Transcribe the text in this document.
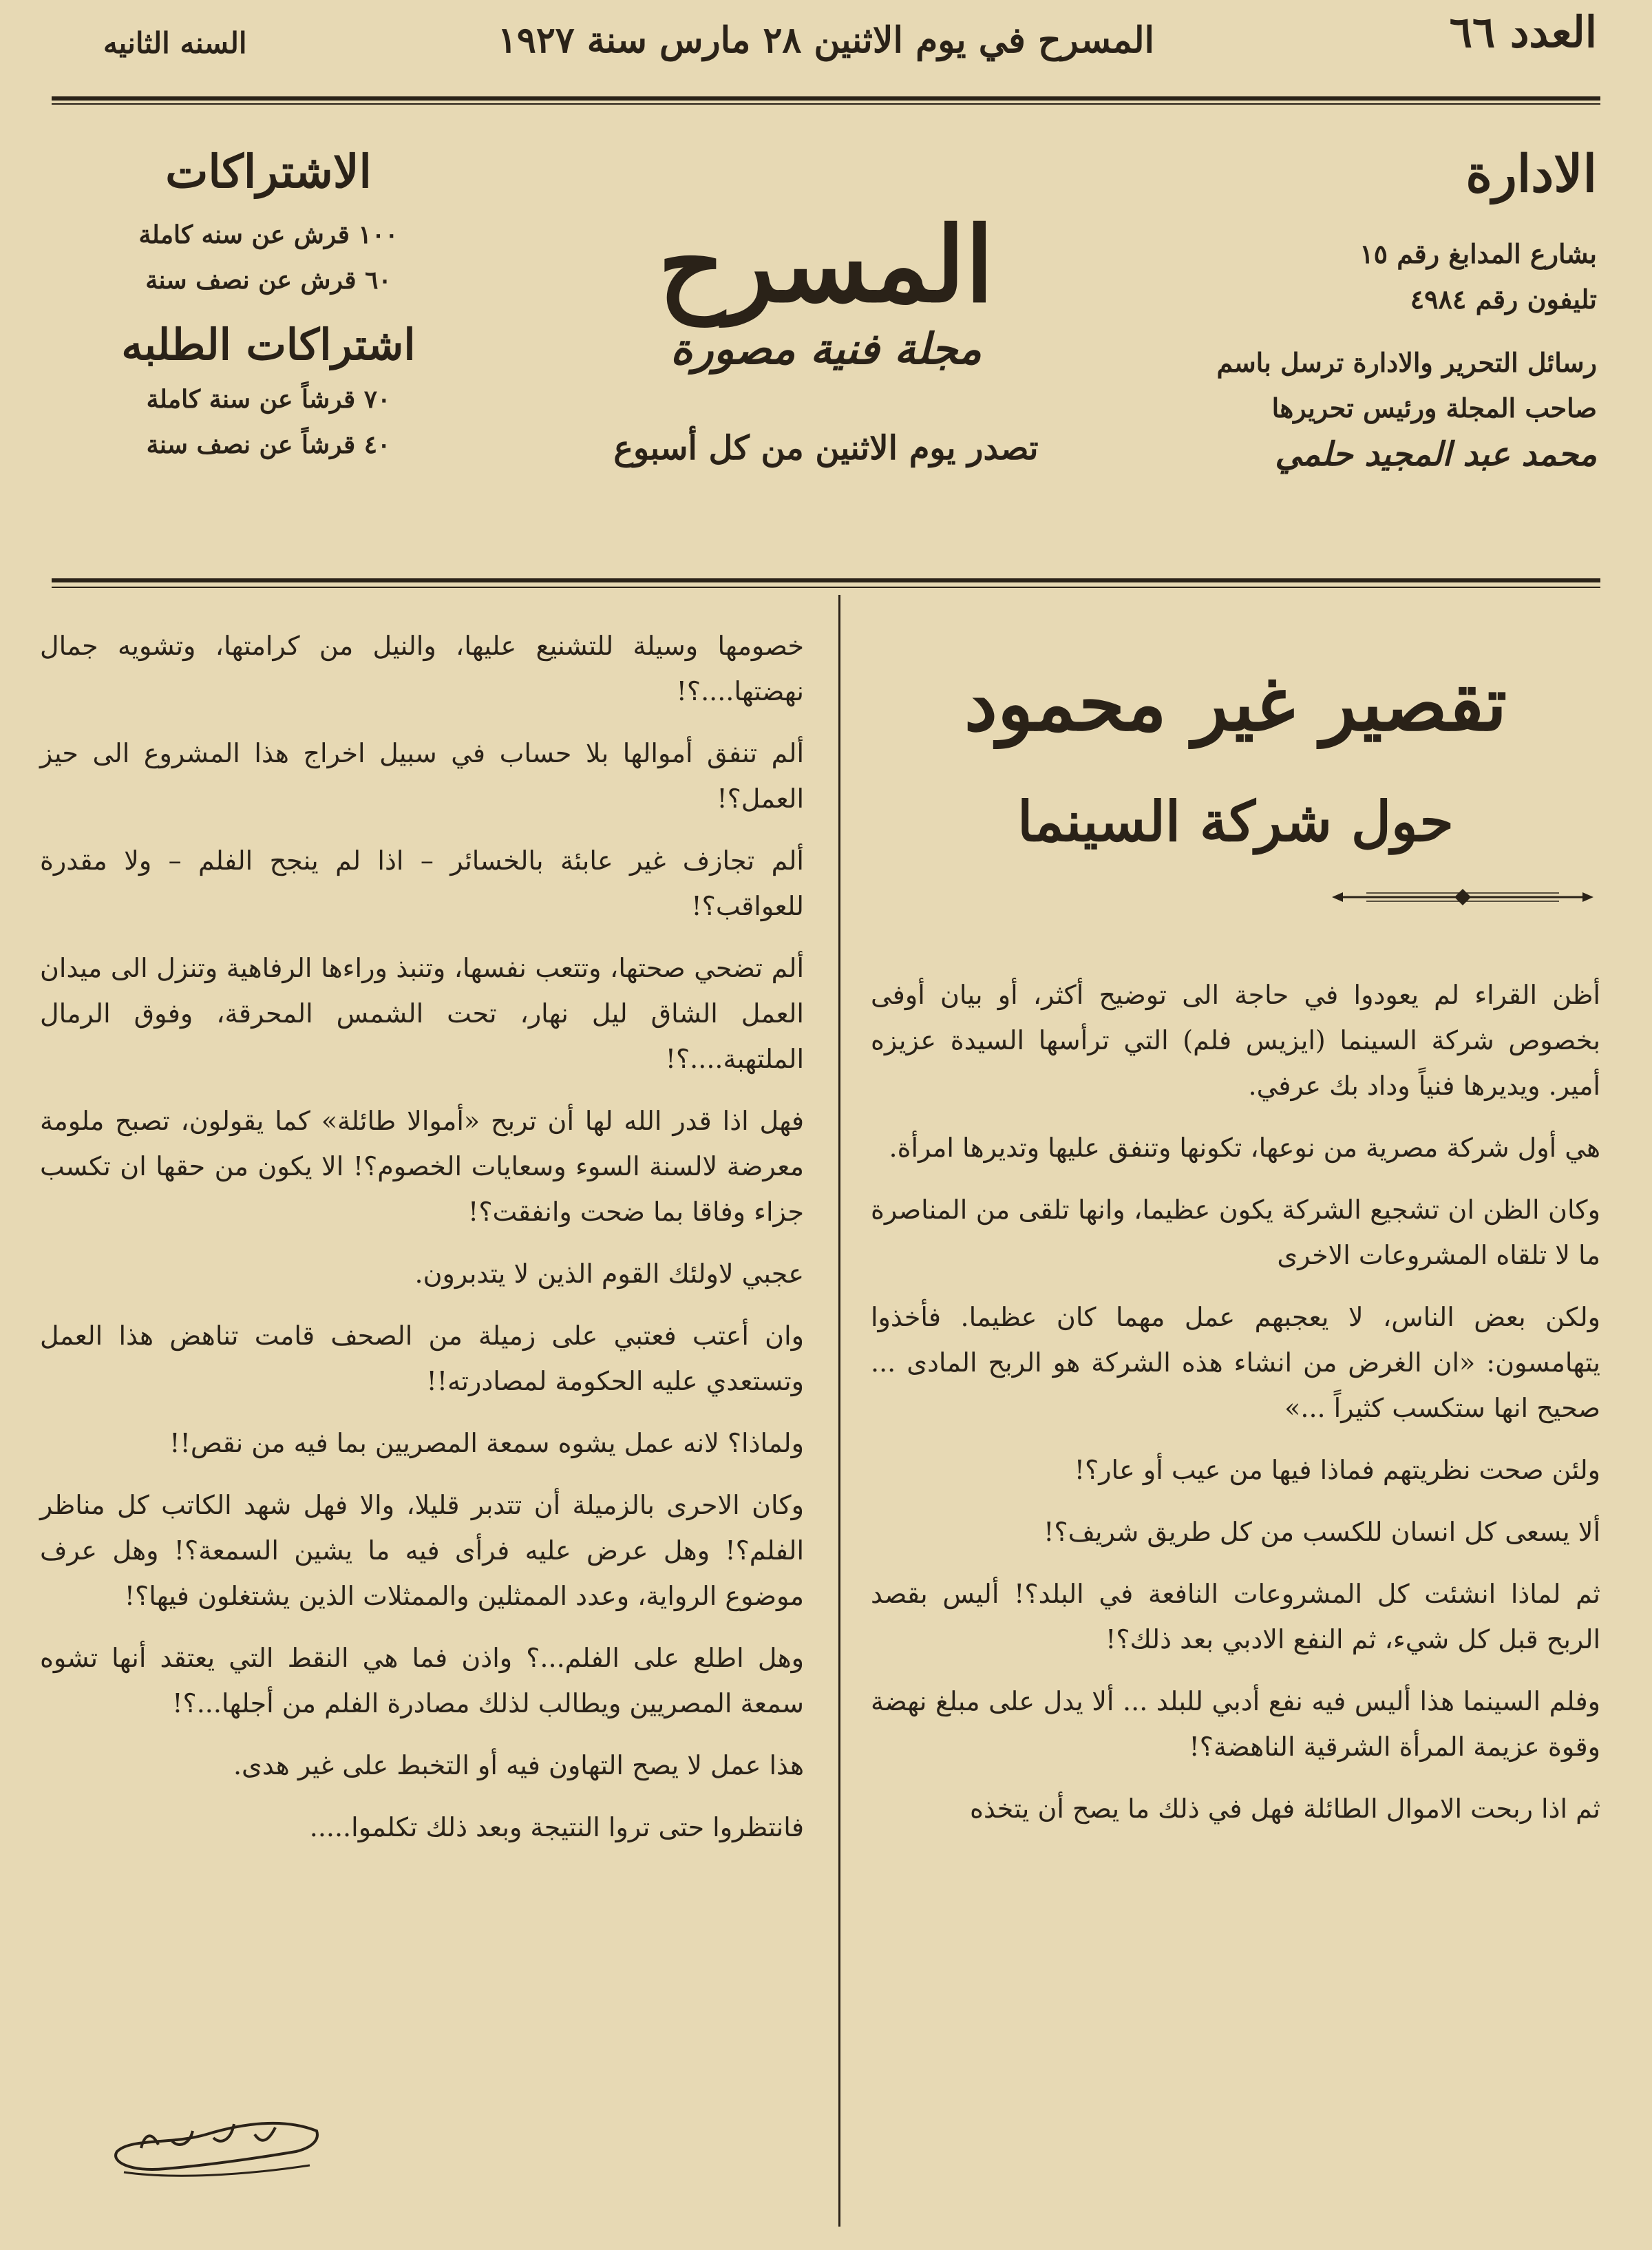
العدد ٦٦
المسرح في يوم الاثنين ٢٨ مارس سنة ١٩٢٧
السنه الثانيه
الادارة
بشارع المدابغ رقم ١٥
تليفون رقم ٤٩٨٤
رسائل التحرير والادارة ترسل باسم
صاحب المجلة ورئيس تحريرها
محمد عبد المجيد حلمي
المسرح
مجلة فنية مصورة
تصدر يوم الاثنين من كل أسبوع
الاشتراكات
١٠٠ قرش عن سنه كاملة
٦٠ قرش عن نصف سنة
اشتراكات الطلبه
٧٠ قرشاً عن سنة كاملة
٤٠ قرشاً عن نصف سنة
تقصير غير محمود
حول شركة السينما

أظن القراء لم يعودوا في حاجة الى توضيح أكثر، أو بيان أوفى بخصوص شركة السينما (ايزيس فلم) التي ترأسها السيدة عزيزه أمير. ويديرها فنياً وداد بك عرفي.

هي أول شركة مصرية من نوعها، تكونها وتنفق عليها وتديرها امرأة.

وكان الظن ان تشجيع الشركة يكون عظيما، وانها تلقى من المناصرة ما لا تلقاه المشروعات الاخرى

ولكن بعض الناس، لا يعجبهم عمل مهما كان عظيما. فأخذوا يتهامسون: «ان الغرض من انشاء هذه الشركة هو الربح المادى ... صحيح انها ستكسب كثيراً ...»

ولئن صحت نظريتهم فماذا فيها من عيب أو عار؟!

ألا يسعى كل انسان للكسب من كل طريق شريف؟!

ثم لماذا انشئت كل المشروعات النافعة في البلد؟! أليس بقصد الربح قبل كل شيء، ثم النفع الادبي بعد ذلك؟!

وفلم السينما هذا أليس فيه نفع أدبي للبلد ... ألا يدل على مبلغ نهضة وقوة عزيمة المرأة الشرقية الناهضة؟!

ثم اذا ربحت الاموال الطائلة فهل في ذلك ما يصح أن يتخذه

خصومها وسيلة للتشنيع عليها، والنيل من كرامتها، وتشويه جمال نهضتها....؟!

ألم تنفق أموالها بلا حساب في سبيل اخراج هذا المشروع الى حيز العمل؟!

ألم تجازف غير عابئة بالخسائر – اذا لم ينجح الفلم – ولا مقدرة للعواقب؟!

ألم تضحي صحتها، وتتعب نفسها، وتنبذ وراءها الرفاهية وتنزل الى ميدان العمل الشاق ليل نهار، تحت الشمس المحرقة، وفوق الرمال الملتهبة....؟!

فهل اذا قدر الله لها أن تربح «أموالا طائلة» كما يقولون، تصبح ملومة معرضة لالسنة السوء وسعايات الخصوم؟! الا يكون من حقها ان تكسب جزاء وفاقا بما ضحت وانفقت؟!

عجبي لاولئك القوم الذين لا يتدبرون.

وان أعتب فعتبي على زميلة من الصحف قامت تناهض هذا العمل وتستعدي عليه الحكومة لمصادرته!!

ولماذا؟ لانه عمل يشوه سمعة المصريين بما فيه من نقص!!

وكان الاحرى بالزميلة أن تتدبر قليلا، والا فهل شهد الكاتب كل مناظر الفلم؟! وهل عرض عليه فرأى فيه ما يشين السمعة؟! وهل عرف موضوع الرواية، وعدد الممثلين والممثلات الذين يشتغلون فيها؟!

وهل اطلع على الفلم...؟ واذن فما هي النقط التي يعتقد أنها تشوه سمعة المصريين ويطالب لذلك مصادرة الفلم من أجلها...؟!

هذا عمل لا يصح التهاون فيه أو التخبط على غير هدى.

فانتظروا حتى تروا النتيجة وبعد ذلك تكلموا.....
